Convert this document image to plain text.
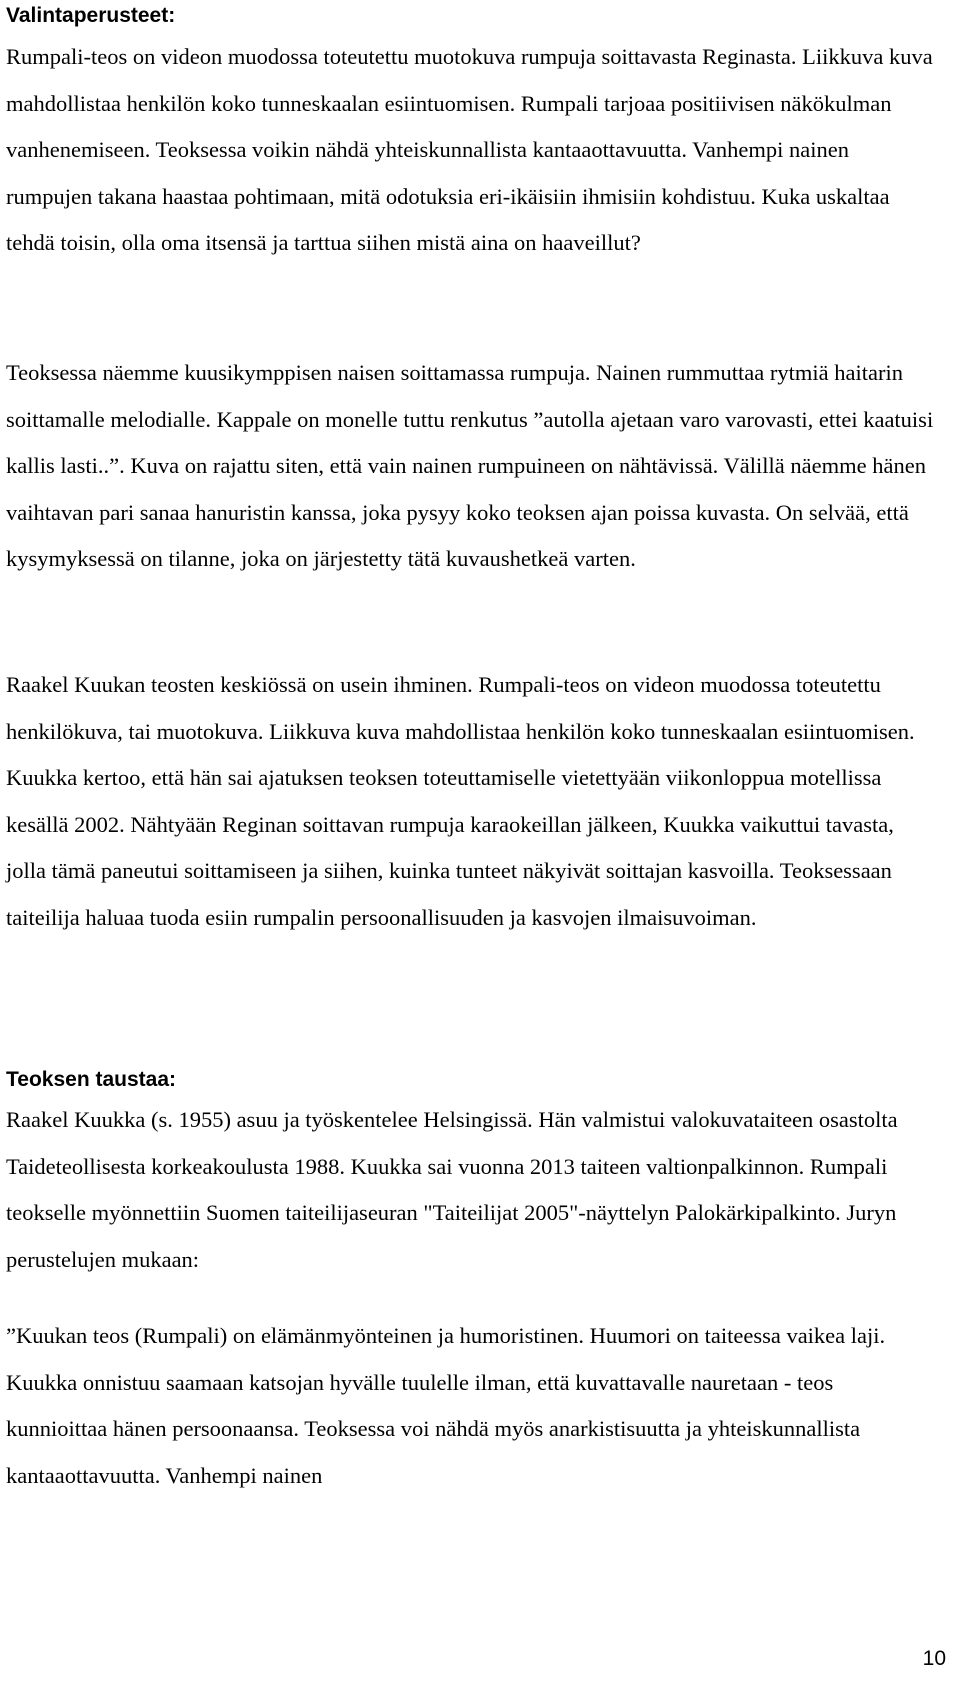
Valintaperusteet:

Rumpali-teos on videon muodossa toteutettu muotokuva rumpuja soittavasta Reginasta. Liikkuva kuva mahdollistaa henkilön koko tunneskaalan esiintuomisen. Rumpali tarjoaa positiivisen näkökulman vanhenemiseen. Teoksessa voikin nähdä yhteiskunnallista kantaaottavuutta. Vanhempi nainen rumpujen takana haastaa pohtimaan, mitä odotuksia eri-ikäisiin ihmisiin kohdistuu. Kuka uskaltaa tehdä toisin, olla oma itsensä ja tarttua siihen mistä aina on haaveillut?

Teoksessa näemme kuusikymppisen naisen soittamassa rumpuja. Nainen rummuttaa rytmiä haitarin soittamalle melodialle. Kappale on monelle tuttu renkutus ”autolla ajetaan varo varovasti, ettei kaatuisi kallis lasti..”. Kuva on rajattu siten, että vain nainen rumpuineen on nähtävissä. Välillä näemme hänen vaihtavan pari sanaa hanuristin kanssa, joka pysyy koko teoksen ajan poissa kuvasta. On selvää, että kysymyksessä on tilanne, joka on järjestetty tätä kuvaushetkeä varten.

Raakel Kuukan teosten keskiössä on usein ihminen. Rumpali-teos on videon muodossa toteutettu henkilökuva, tai muotokuva. Liikkuva kuva mahdollistaa henkilön koko tunneskaalan esiintuomisen. Kuukka kertoo, että hän sai ajatuksen teoksen toteuttamiselle vietettyään viikonloppua motellissa kesällä 2002. Nähtyään Reginan soittavan rumpuja karaokeillan jälkeen, Kuukka vaikuttui tavasta, jolla tämä paneutui soittamiseen ja siihen, kuinka tunteet näkyivät soittajan kasvoilla. Teoksessaan taiteilija haluaa tuoda esiin rumpalin persoonallisuuden ja kasvojen ilmaisuvoiman.

Teoksen taustaa:

Raakel Kuukka (s. 1955) asuu ja työskentelee Helsingissä. Hän valmistui valokuvataiteen osastolta Taideteollisesta korkeakoulusta 1988. Kuukka sai vuonna 2013 taiteen valtionpalkinnon. Rumpali teokselle myönnettiin Suomen taiteilijaseuran "Taiteilijat 2005"-näyttelyn Palokärkipalkinto. Juryn perustelujen mukaan:

”Kuukan teos (Rumpali) on elämänmyönteinen ja humoristinen. Huumori on taiteessa vaikea laji. Kuukka onnistuu saamaan katsojan hyvälle tuulelle ilman, että kuvattavalle nauretaan - teos kunnioittaa hänen persoonaansa. Teoksessa voi nähdä myös anarkistisuutta ja yhteiskunnallista kantaaottavuutta. Vanhempi nainen

10
